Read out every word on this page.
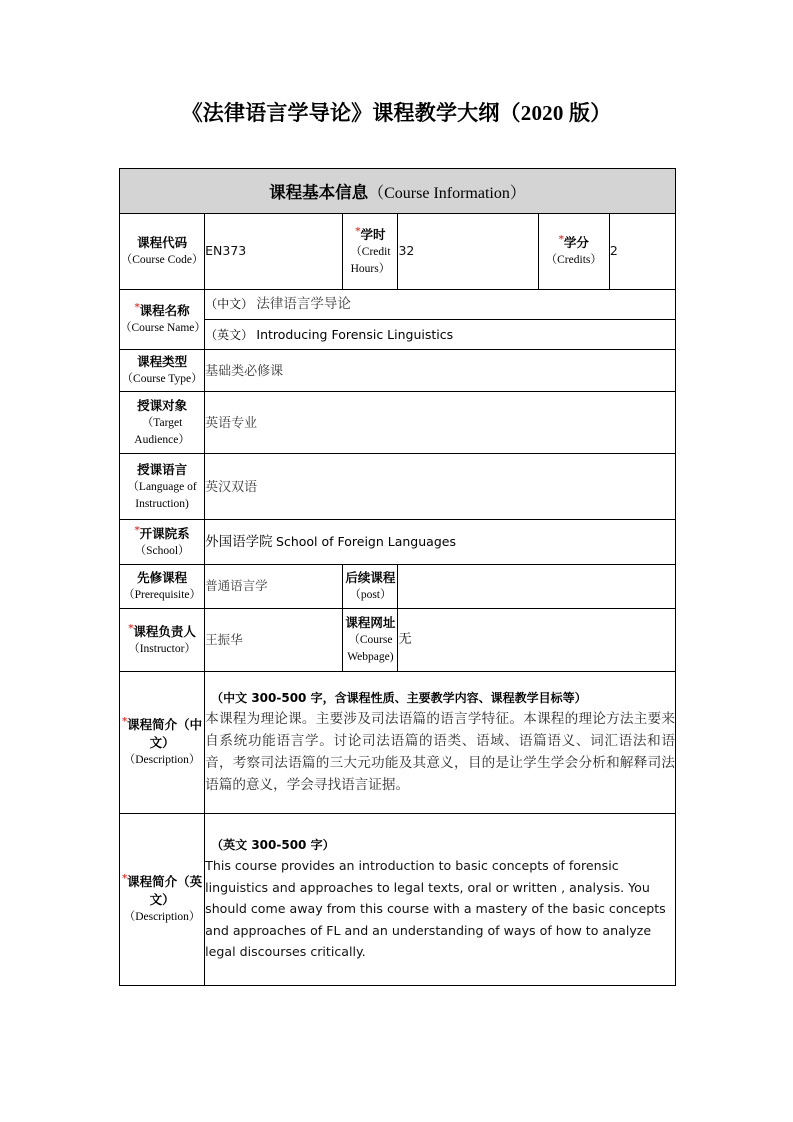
《法律语言学导论》课程教学大纲（2020 版）
课程基本信息（Course Information）					

课程代码
（Course Code）
	EN373	
*学时
（Credit Hours）
	32	
*学分
（Credits）
	2

*课程名称
（Course Name）	（中文） 法律语言学导论				
	（英文） Introducing Forensic Linguistics				

课程类型
（Course Type）	基础类必修课				

授课对象
（Target Audience）	英语专业				

授课语言
（Language of Instruction)	英汉双语				

*开课院系
（School）	外国语学院 School of Foreign Languages				

先修课程
（Prerequisite）
	普通语言学	
后续课程
（post）

*课程负责人
（Instructor）
	王振华	
课程网址
（Course Webpage)
	无

*课程简介（中文）
（Description）

（中文 300-500 字，含课程性质、主要教学内容、课程教学目标等）
本课程为理论课。主要涉及司法语篇的语言学特征。本课程的理论方法主要来自系统功能语言学。讨论司法语篇的语类、语域、语篇语义、词汇语法和语音，考察司法语篇的三大元功能及其意义，目的是让学生学会分析和解释司法语篇的意义，学会寻找语言证据。

*课程简介（英文）
（Description）

（英文 300-500 字）
This course provides an introduction to basic concepts of forensic linguistics and approaches to legal texts, oral or written , analysis. You should come away from this course with a mastery of the basic concepts and approaches of FL and an understanding of ways of how to analyze legal discourses critically.
